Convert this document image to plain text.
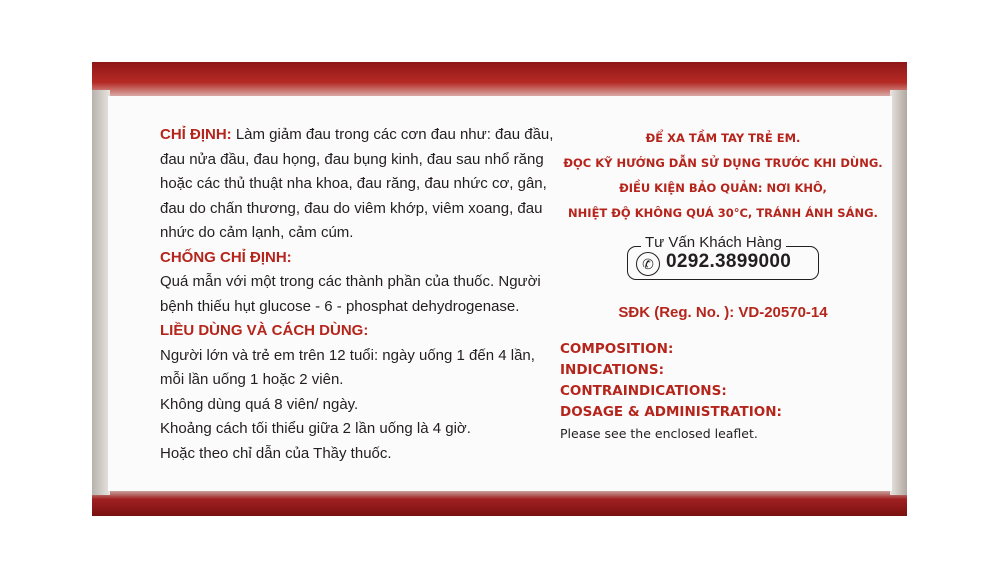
CHỈ ĐỊNH: Làm giảm đau trong các cơn đau như: đau đầu,
đau nửa đầu, đau họng, đau bụng kinh, đau sau nhổ răng
hoặc các thủ thuật nha khoa, đau răng, đau nhức cơ, gân,
đau do chấn thương, đau do viêm khớp, viêm xoang, đau
nhức do cảm lạnh, cảm cúm.
CHỐNG CHỈ ĐỊNH:
Quá mẫn với một trong các thành phần của thuốc. Người
bệnh thiếu hụt glucose - 6 - phosphat dehydrogenase.
LIỀU DÙNG VÀ CÁCH DÙNG:
Người lớn và trẻ em trên 12 tuổi: ngày uống 1 đến 4 lần,
mỗi lần uống 1 hoặc 2 viên.
Không dùng quá 8 viên/ ngày.
Khoảng cách tối thiểu giữa 2 lần uống là 4 giờ.
Hoặc theo chỉ dẫn của Thầy thuốc.
ĐỂ XA TẦM TAY TRẺ EM.
ĐỌC KỸ HƯỚNG DẪN SỬ DỤNG TRƯỚC KHI DÙNG.
ĐIỀU KIỆN BẢO QUẢN: NƠI KHÔ,
NHIỆT ĐỘ KHÔNG QUÁ 30°C, TRÁNH ÁNH SÁNG.
✆ 0292.3899000
Tư Vấn Khách Hàng
SĐK (Reg. No. ): VD-20570-14
COMPOSITION:
INDICATIONS:
CONTRAINDICATIONS:
DOSAGE & ADMINISTRATION:
Please see the enclosed leaflet.
